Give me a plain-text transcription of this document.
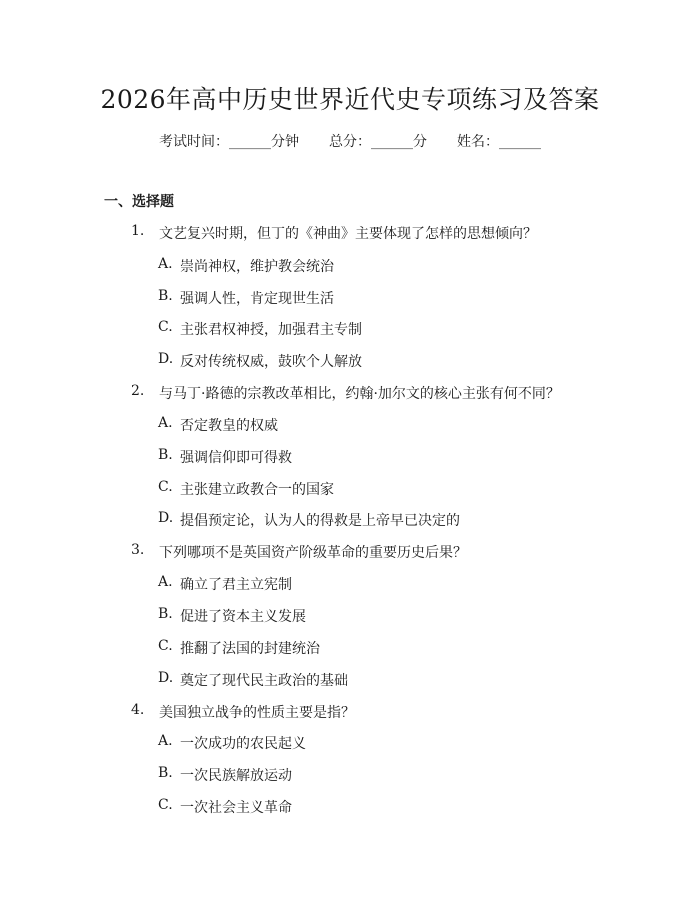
2026年高中历史世界近代史专项练习及答案
考试时间：______分钟 总分：______分 姓名：______
一、选择题
1.	文艺复兴时期，但丁的《神曲》主要体现了怎样的思想倾向？
A. 崇尚神权，维护教会统治
B. 强调人性，肯定现世生活
C. 主张君权神授，加强君主专制
D. 反对传统权威，鼓吹个人解放
2.	与马丁·路德的宗教改革相比，约翰·加尔文的核心主张有何不同？
A. 否定教皇的权威
B. 强调信仰即可得救
C. 主张建立政教合一的国家
D. 提倡预定论，认为人的得救是上帝早已决定的
3.	下列哪项不是英国资产阶级革命的重要历史后果？
A. 确立了君主立宪制
B. 促进了资本主义发展
C. 推翻了法国的封建统治
D. 奠定了现代民主政治的基础
4.	美国独立战争的性质主要是指？
A. 一次成功的农民起义
B. 一次民族解放运动
C. 一次社会主义革命
